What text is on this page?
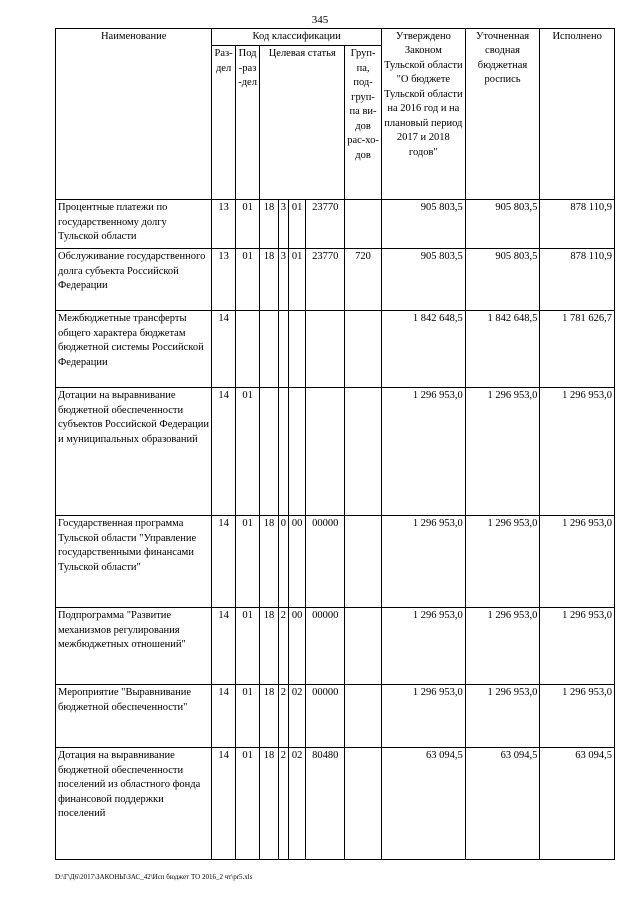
345
Наименование	Код классификации							Утверждено Законом Тульской области "О бюджете Тульской области на 2016 год и на плановый период 2017 и 2018 годов"	Уточненная сводная бюджетная роспись	Исполнено
	Раз-дел	Под-раз-дел	Целевая статья				Груп-па, под-груп-па ви-дов рас-хо-дов			
Процентные платежи по государственному долгу Тульской области	13	01	18	3	01	23770		905 803,5	905 803,5	878 110,9
Обслуживание государственного долга субъекта Российской Федерации	13	01	18	3	01	23770	720	905 803,5	905 803,5	878 110,9
Межбюджетные трансферты общего характера бюджетам бюджетной системы Российской Федерации	14							1 842 648,5	1 842 648,5	1 781 626,7
Дотации на выравнивание бюджетной обеспеченности субъектов Российской Федерации и муниципальных образований	14	01						1 296 953,0	1 296 953,0	1 296 953,0
Государственная программа Тульской области "Управление государственными финансами Тульской области"	14	01	18	0	00	00000		1 296 953,0	1 296 953,0	1 296 953,0
Подпрограмма "Развитие механизмов регулирования межбюджетных отношений"	14	01	18	2	00	00000		1 296 953,0	1 296 953,0	1 296 953,0
Мероприятие "Выравнивание бюджетной обеспеченности"	14	01	18	2	02	00000		1 296 953,0	1 296 953,0	1 296 953,0
Дотация на выравнивание бюджетной обеспеченности поселений из областного фонда финансовой поддержки поселений	14	01	18	2	02	80480		63 094,5	63 094,5	63 094,5
D:\Г\Д6\2017\ЗАКОНЫ\ЗАС_42\Исп бюджет ТО 2016_2 чт\pr5.xls
